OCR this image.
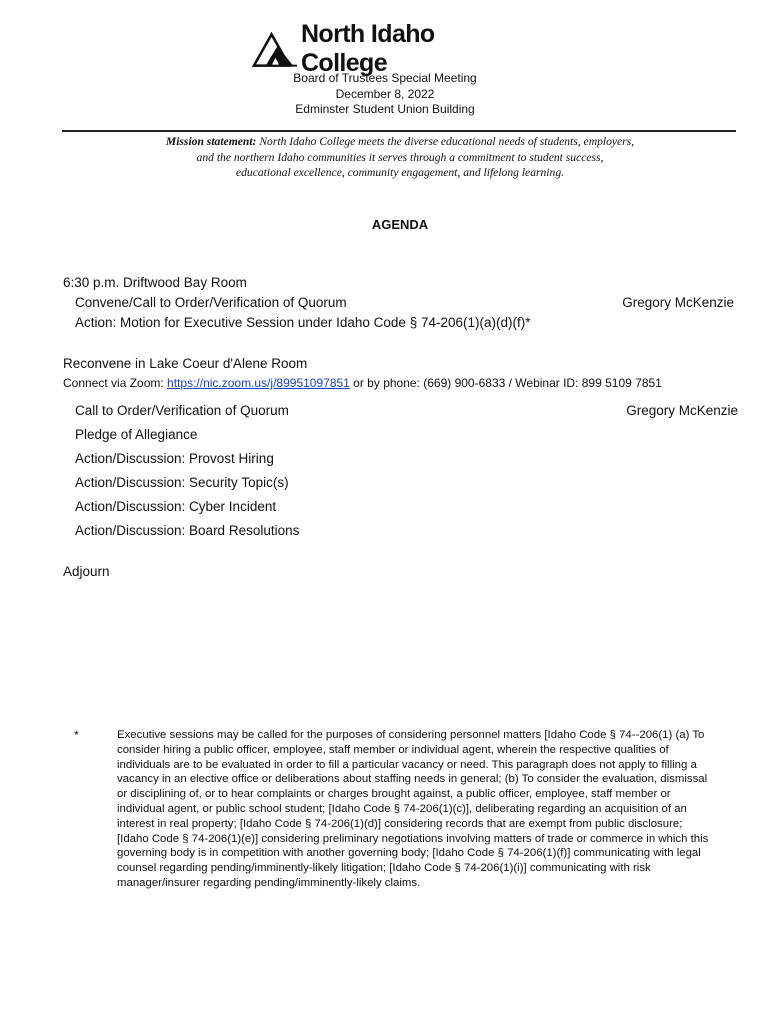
North Idaho College
Board of Trustees Special Meeting
December 8, 2022
Edminster Student Union Building
Mission statement: North Idaho College meets the diverse educational needs of students, employers,
and the northern Idaho communities it serves through a commitment to student success,
educational excellence, community engagement, and lifelong learning.
AGENDA
6:30 p.m. Driftwood Bay Room
Convene/Call to Order/Verification of Quorum	Gregory McKenzie
Action: Motion for Executive Session under Idaho Code § 74-206(1)(a)(d)(f)*
Reconvene in Lake Coeur d'Alene Room
Connect via Zoom: https://nic.zoom.us/j/89951097851 or by phone: (669) 900-6833 / Webinar ID: 899 5109 7851
Call to Order/Verification of Quorum	Gregory McKenzie
Pledge of Allegiance
Action/Discussion: Provost Hiring
Action/Discussion: Security Topic(s)
Action/Discussion: Cyber Incident
Action/Discussion: Board Resolutions
Adjourn
*	Executive sessions may be called for the purposes of considering personnel matters [Idaho Code § 74--206(1) (a) To consider hiring a public officer, employee, staff member or individual agent, wherein the respective qualities of individuals are to be evaluated in order to fill a particular vacancy or need. This paragraph does not apply to filling a vacancy in an elective office or deliberations about staffing needs in general; (b) To consider the evaluation, dismissal or disciplining of, or to hear complaints or charges brought against, a public officer, employee, staff member or individual agent, or public school student; [Idaho Code § 74-206(1)(c)], deliberating regarding an acquisition of an interest in real property; [Idaho Code § 74-206(1)(d)] considering records that are exempt from public disclosure; [Idaho Code § 74-206(1)(e)] considering preliminary negotiations involving matters of trade or commerce in which this governing body is in competition with another governing body; [Idaho Code § 74-206(1)(f)] communicating with legal counsel regarding pending/imminently-likely litigation; [Idaho Code § 74-206(1)(i)] communicating with risk manager/insurer regarding pending/imminently-likely claims.
